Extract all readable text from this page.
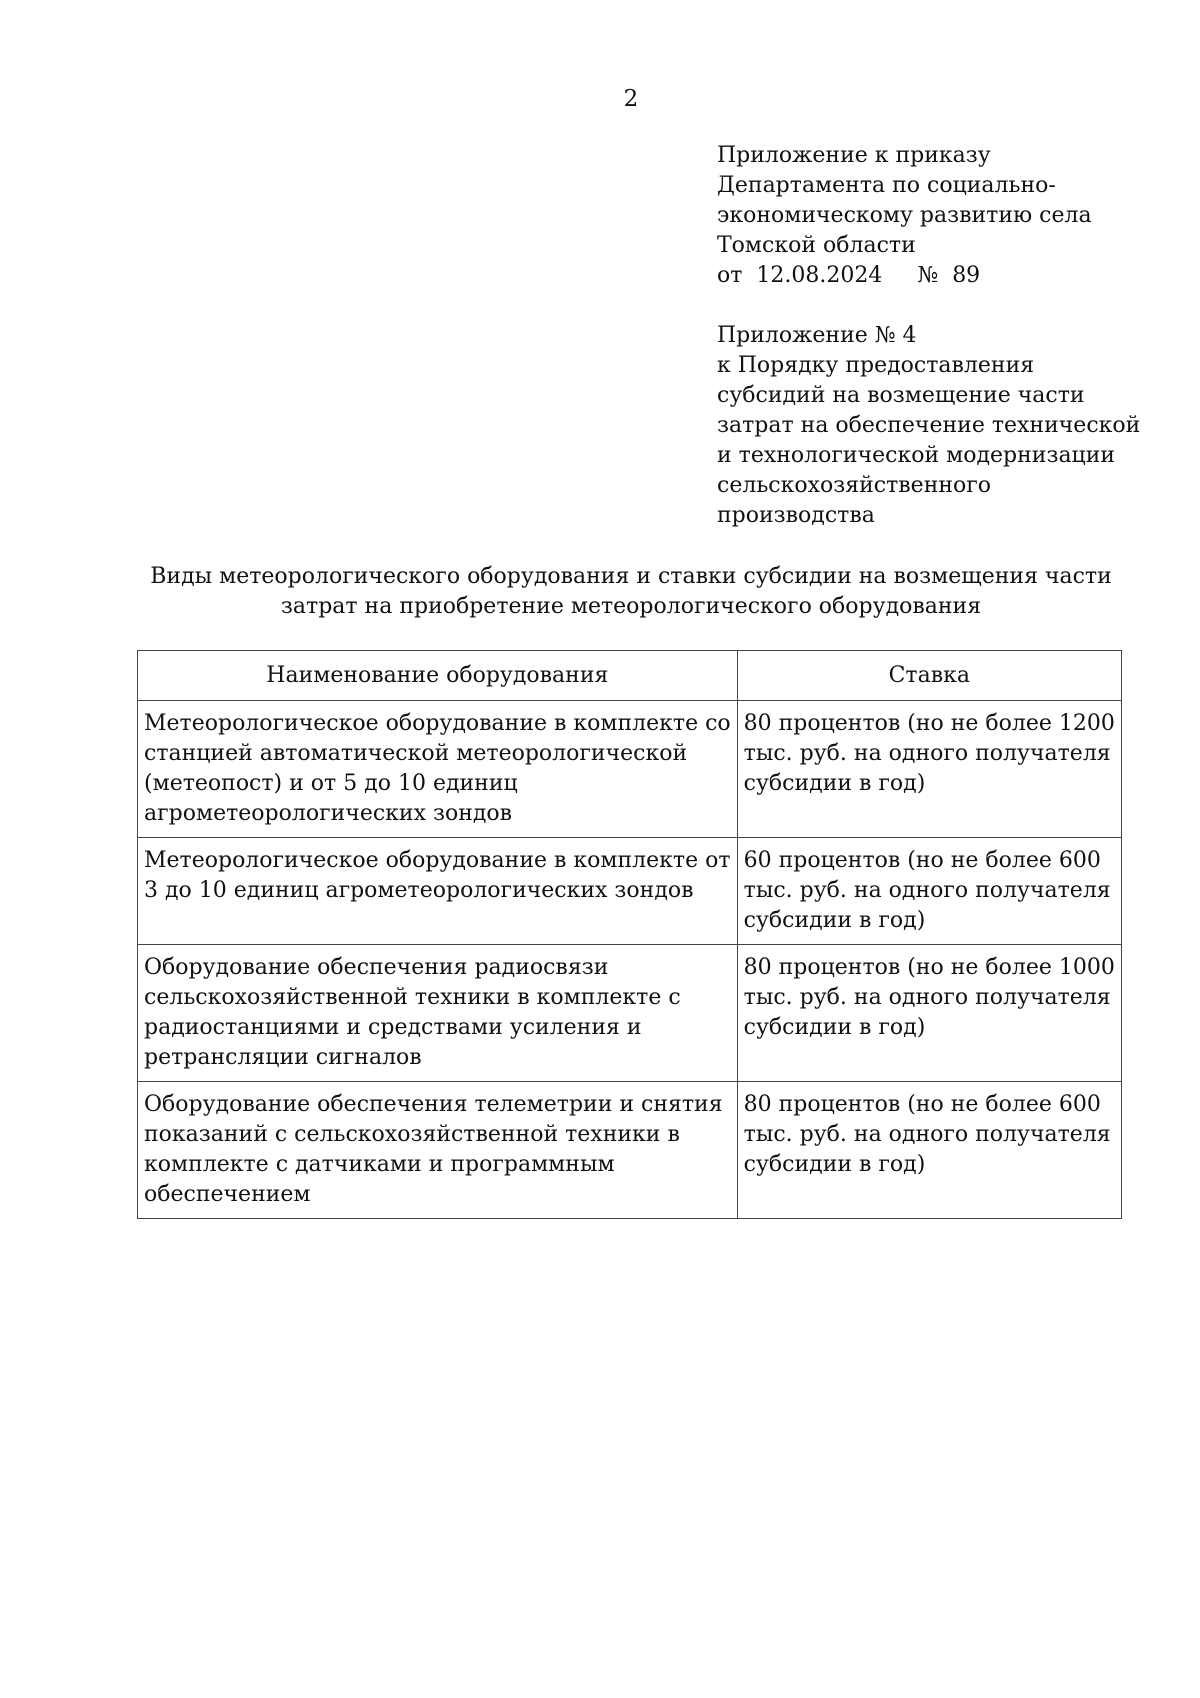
2
Приложение к приказу
Департамента по социально-
экономическому развитию села
Томской области
от 12.08.2024 № 89
Приложение № 4
к Порядку предоставления
субсидий на возмещение части
затрат на обеспечение технической
и технологической модернизации
сельскохозяйственного
производства
Виды метеорологического оборудования и ставки субсидии на возмещения части
затрат на приобретение метеорологического оборудования
Наименование оборудования	Ставка

Метеорологическое оборудование в комплекте со
станцией автоматической метеорологической
(метеопост) и от 5 до 10 единиц
агрометеорологических зондов	80 процентов (но не более 1200
тыс. руб. на одного получателя
субсидии в год)

Метеорологическое оборудование в комплекте от
3 до 10 единиц агрометеорологических зондов	60 процентов (но не более 600
тыс. руб. на одного получателя
субсидии в год)

Оборудование обеспечения радиосвязи
сельскохозяйственной техники в комплекте с
радиостанциями и средствами усиления и
ретрансляции сигналов	80 процентов (но не более 1000
тыс. руб. на одного получателя
субсидии в год)

Оборудование обеспечения телеметрии и снятия
показаний с сельскохозяйственной техники в
комплекте с датчиками и программным
обеспечением	80 процентов (но не более 600
тыс. руб. на одного получателя
субсидии в год)
